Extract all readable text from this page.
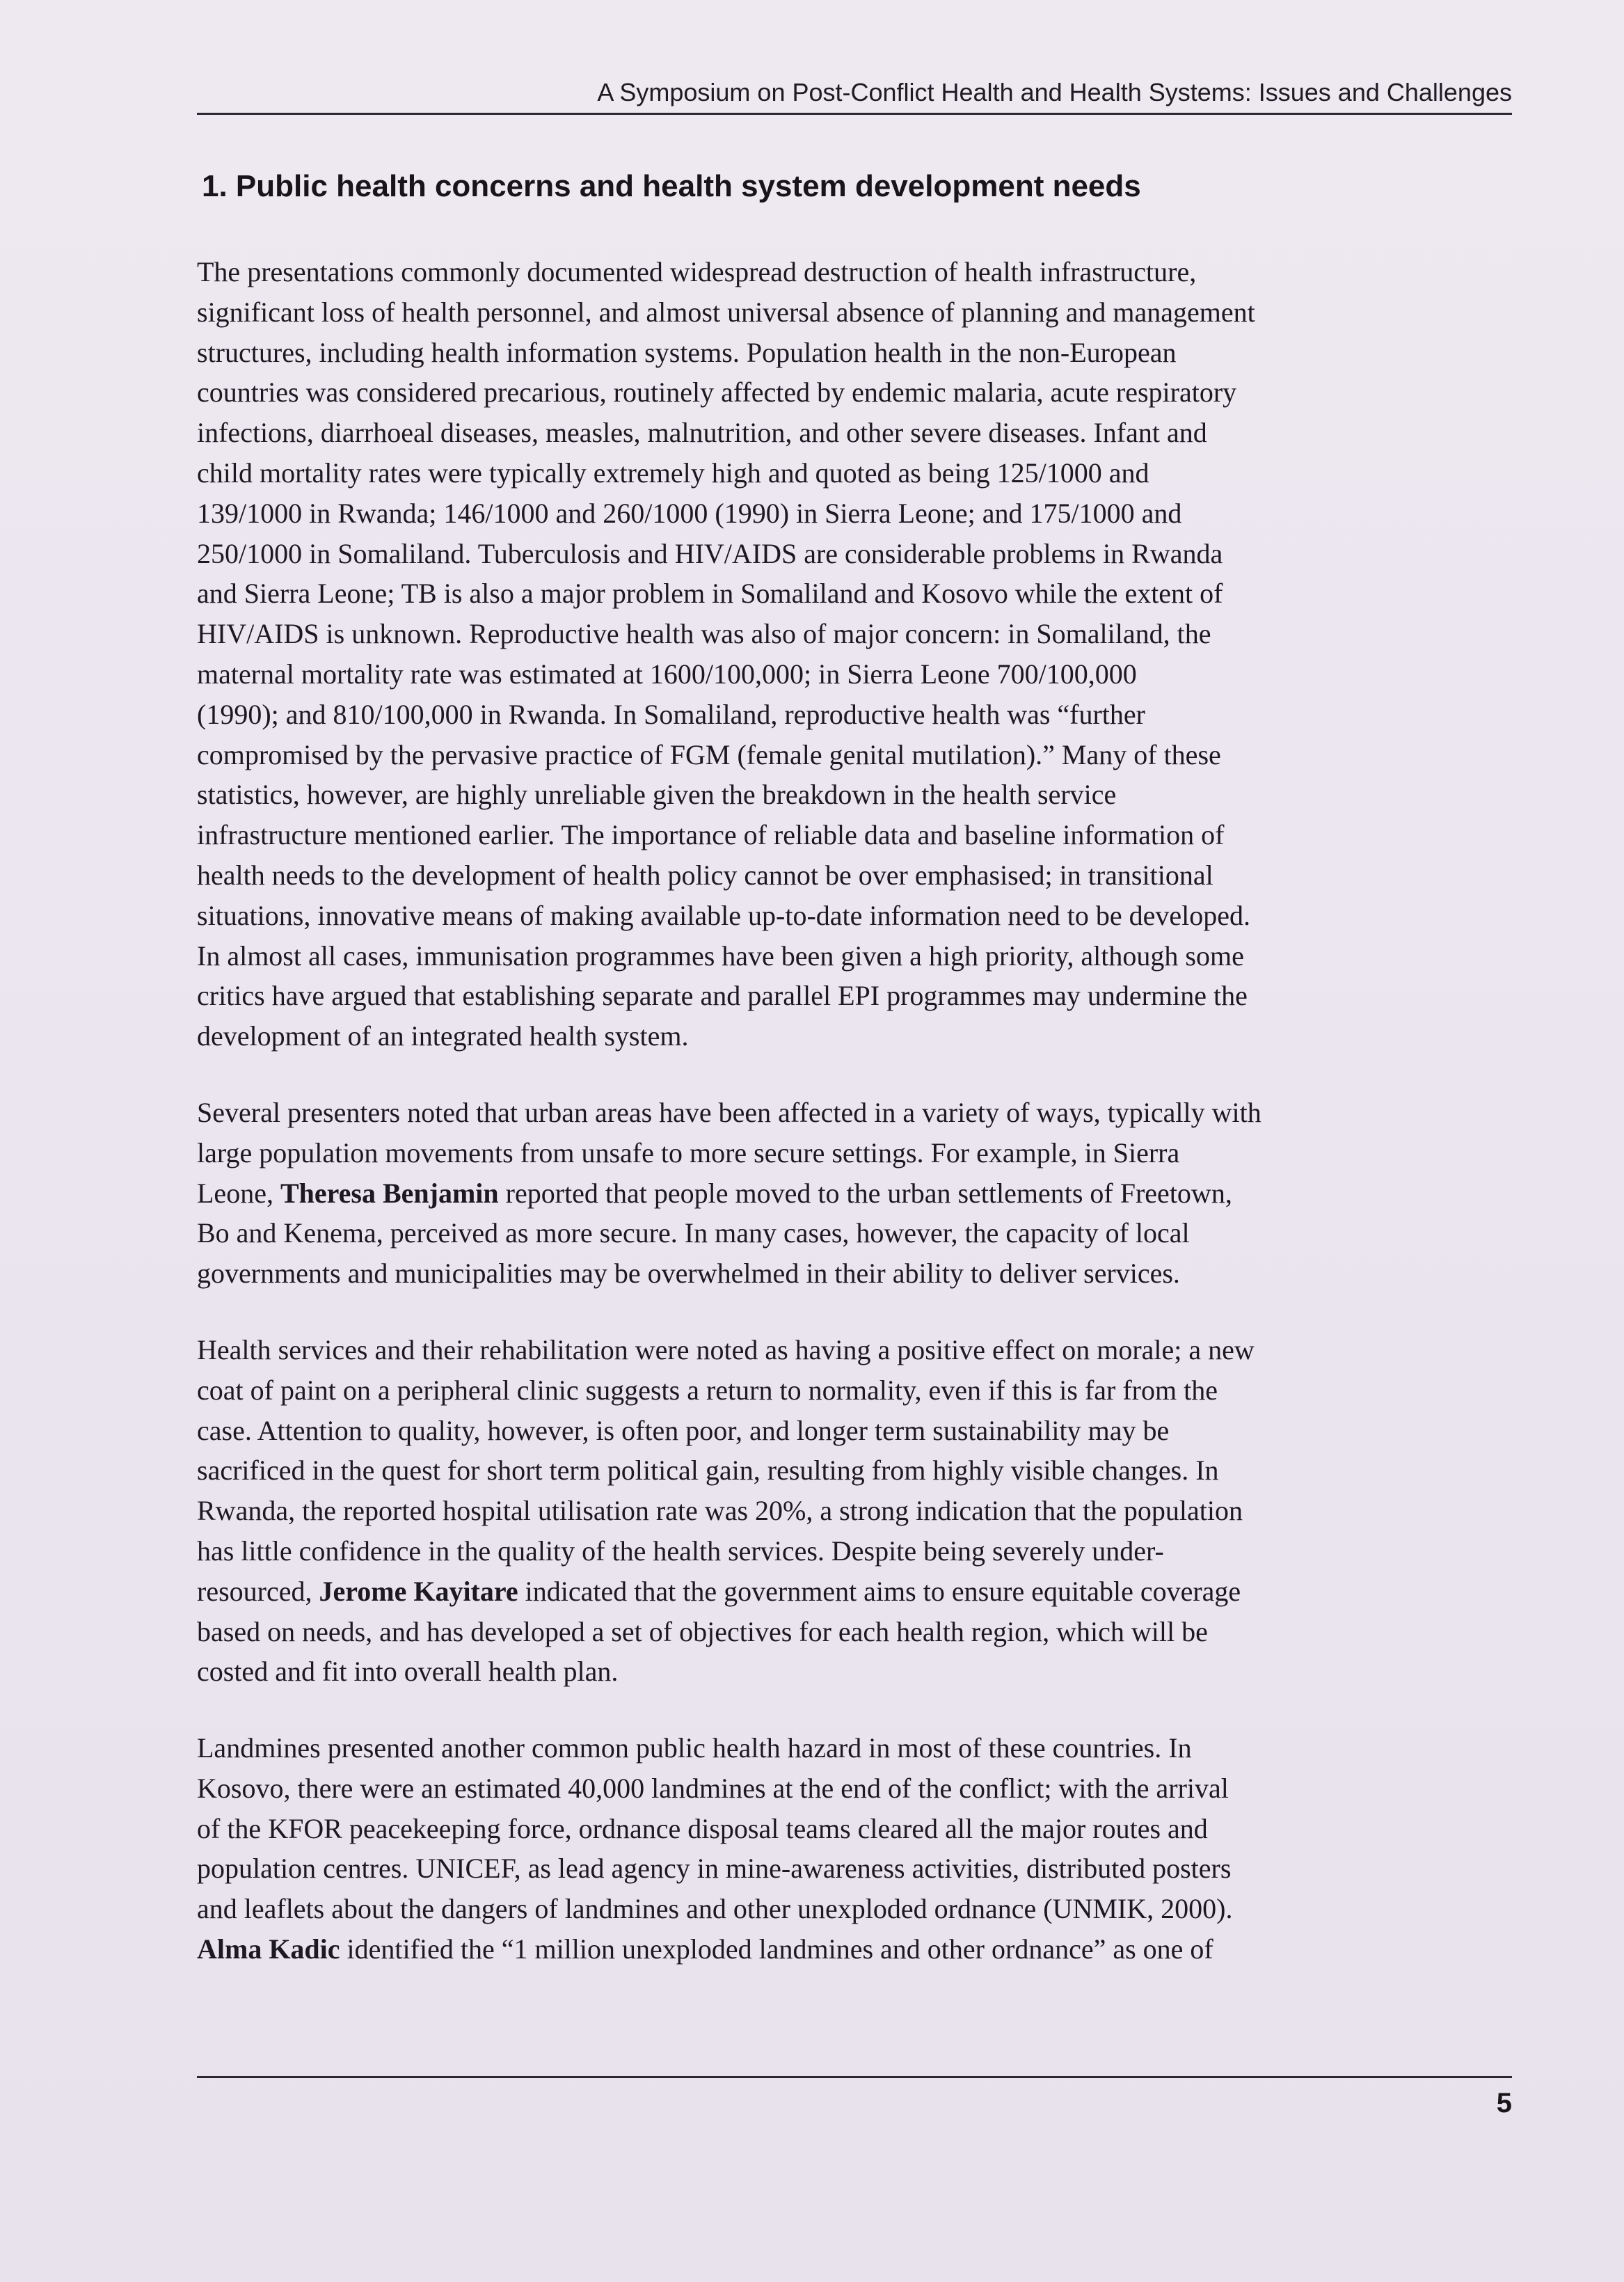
A Symposium on Post-Conflict Health and Health Systems: Issues and Challenges
1. Public health concerns and health system development needs
The presentations commonly documented widespread destruction of health infrastructure,
significant loss of health personnel, and almost universal absence of planning and management
structures, including health information systems. Population health in the non-European
countries was considered precarious, routinely affected by endemic malaria, acute respiratory
infections, diarrhoeal diseases, measles, malnutrition, and other severe diseases. Infant and
child mortality rates were typically extremely high and quoted as being 125/1000 and
139/1000 in Rwanda; 146/1000 and 260/1000 (1990) in Sierra Leone; and 175/1000 and
250/1000 in Somaliland. Tuberculosis and HIV/AIDS are considerable problems in Rwanda
and Sierra Leone; TB is also a major problem in Somaliland and Kosovo while the extent of
HIV/AIDS is unknown. Reproductive health was also of major concern: in Somaliland, the
maternal mortality rate was estimated at 1600/100,000; in Sierra Leone 700/100,000
(1990); and 810/100,000 in Rwanda. In Somaliland, reproductive health was “further
compromised by the pervasive practice of FGM (female genital mutilation).” Many of these
statistics, however, are highly unreliable given the breakdown in the health service
infrastructure mentioned earlier. The importance of reliable data and baseline information of
health needs to the development of health policy cannot be over emphasised; in transitional
situations, innovative means of making available up-to-date information need to be developed.
In almost all cases, immunisation programmes have been given a high priority, although some
critics have argued that establishing separate and parallel EPI programmes may undermine the
development of an integrated health system.
Several presenters noted that urban areas have been affected in a variety of ways, typically with
large population movements from unsafe to more secure settings. For example, in Sierra
Leone, Theresa Benjamin reported that people moved to the urban settlements of Freetown,
Bo and Kenema, perceived as more secure. In many cases, however, the capacity of local
governments and municipalities may be overwhelmed in their ability to deliver services.
Health services and their rehabilitation were noted as having a positive effect on morale; a new
coat of paint on a peripheral clinic suggests a return to normality, even if this is far from the
case. Attention to quality, however, is often poor, and longer term sustainability may be
sacrificed in the quest for short term political gain, resulting from highly visible changes. In
Rwanda, the reported hospital utilisation rate was 20%, a strong indication that the population
has little confidence in the quality of the health services. Despite being severely under-
resourced, Jerome Kayitare indicated that the government aims to ensure equitable coverage
based on needs, and has developed a set of objectives for each health region, which will be
costed and fit into overall health plan.
Landmines presented another common public health hazard in most of these countries. In
Kosovo, there were an estimated 40,000 landmines at the end of the conflict; with the arrival
of the KFOR peacekeeping force, ordnance disposal teams cleared all the major routes and
population centres. UNICEF, as lead agency in mine-awareness activities, distributed posters
and leaflets about the dangers of landmines and other unexploded ordnance (UNMIK, 2000).
Alma Kadic identified the “1 million unexploded landmines and other ordnance” as one of
5
